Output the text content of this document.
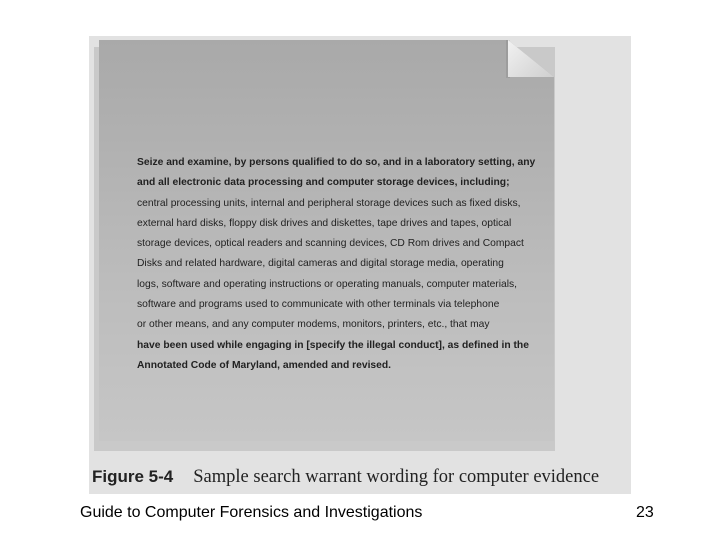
Seize and examine, by persons qualified to do so, and in a laboratory setting, any
and all electronic data processing and computer storage devices, including;
central processing units, internal and peripheral storage devices such as fixed disks,
external hard disks, floppy disk drives and diskettes, tape drives and tapes, optical
storage devices, optical readers and scanning devices, CD Rom drives and Compact
Disks and related hardware, digital cameras and digital storage media, operating
logs, software and operating instructions or operating manuals, computer materials,
software and programs used to communicate with other terminals via telephone
or other means, and any computer modems, monitors, printers, etc., that may
have been used while engaging in [specify the illegal conduct], as defined in the
Annotated Code of Maryland, amended and revised.

Figure 5-4 Sample search warrant wording for computer evidence
Guide to Computer Forensics and Investigations	23
